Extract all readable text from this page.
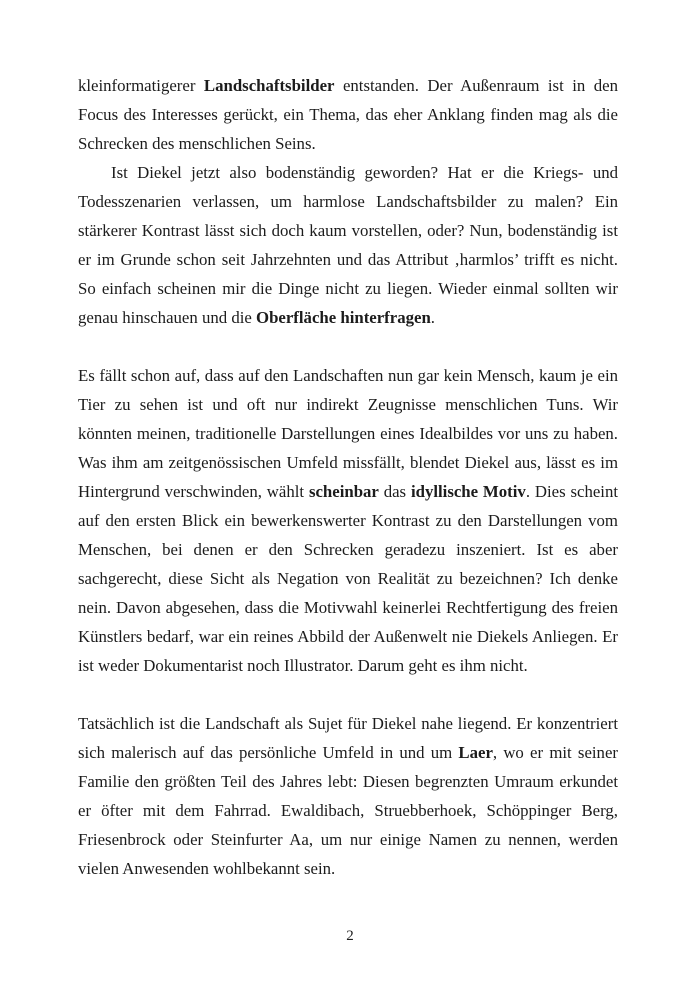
kleinformatigerer Landschaftsbilder entstanden. Der Außenraum ist in den Focus des Interesses gerückt, ein Thema, das eher Anklang finden mag als die Schrecken des menschlichen Seins.

Ist Diekel jetzt also bodenständig geworden? Hat er die Kriegs- und Todesszenarien verlassen, um harmlose Landschaftsbilder zu malen? Ein stärkerer Kontrast lässt sich doch kaum vorstellen, oder? Nun, bodenständig ist er im Grunde schon seit Jahrzehnten und das Attribut ‚harmlos’ trifft es nicht. So einfach scheinen mir die Dinge nicht zu liegen. Wieder einmal sollten wir genau hinschauen und die Oberfläche hinterfragen.

Es fällt schon auf, dass auf den Landschaften nun gar kein Mensch, kaum je ein Tier zu sehen ist und oft nur indirekt Zeugnisse menschlichen Tuns. Wir könnten meinen, traditionelle Darstellungen eines Idealbildes vor uns zu haben. Was ihm am zeitgenössischen Umfeld missfällt, blendet Diekel aus, lässt es im Hintergrund verschwinden, wählt scheinbar das idyllische Motiv. Dies scheint auf den ersten Blick ein bewerkenswerter Kontrast zu den Darstellungen vom Menschen, bei denen er den Schrecken geradezu inszeniert. Ist es aber sachgerecht, diese Sicht als Negation von Realität zu bezeichnen? Ich denke nein. Davon abgesehen, dass die Motivwahl keinerlei Rechtfertigung des freien Künstlers bedarf, war ein reines Abbild der Außenwelt nie Diekels Anliegen. Er ist weder Dokumentarist noch Illustrator. Darum geht es ihm nicht.

Tatsächlich ist die Landschaft als Sujet für Diekel nahe liegend. Er konzentriert sich malerisch auf das persönliche Umfeld in und um Laer, wo er mit seiner Familie den größten Teil des Jahres lebt: Diesen begrenzten Umraum erkundet er öfter mit dem Fahrrad. Ewaldibach, Struebberhoek, Schöppinger Berg, Friesenbrock oder Steinfurter Aa, um nur einige Namen zu nennen, werden vielen Anwesenden wohlbekannt sein.

2
